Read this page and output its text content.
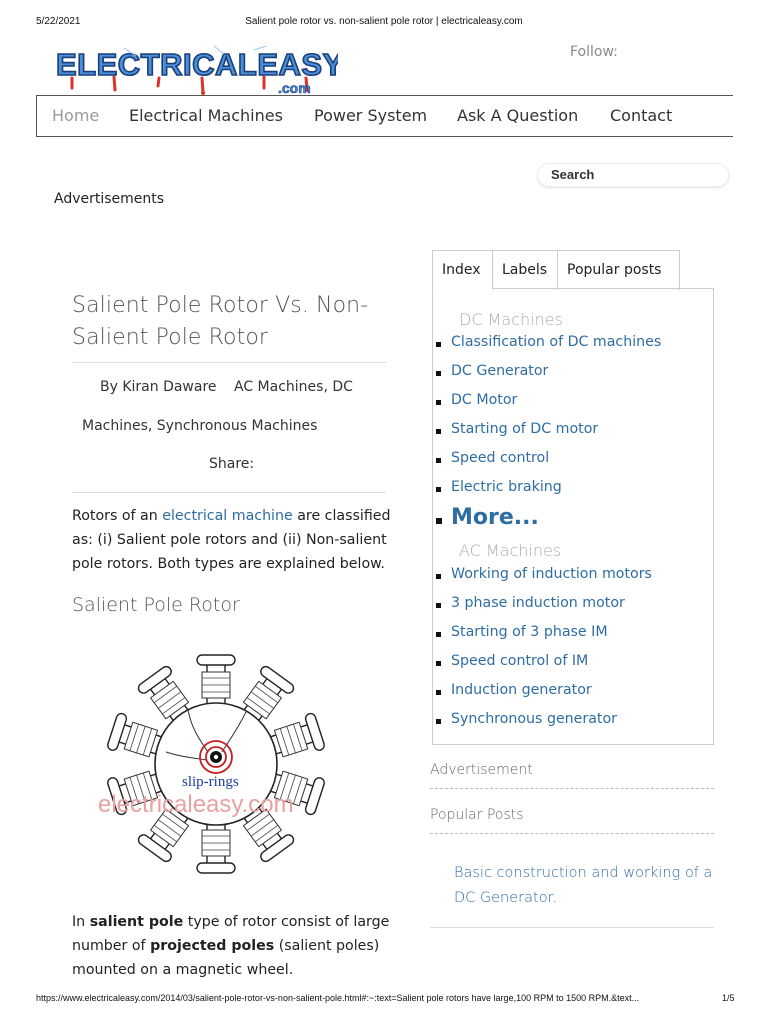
5/22/2021	Salient pole rotor vs. non-salient pole rotor | electricaleasy.com
ELECTRICALEASY
.com
Follow:
Home Electrical Machines Power System Ask A Question Contact
Search
Advertisements
Salient Pole Rotor Vs. Non-Salient Pole Rotor
By Kiran Daware AC Machines, DC
Machines, Synchronous Machines
Share:

Rotors of an electrical machine are classified as: (i) Salient pole rotors and (ii) Non-salient pole rotors. Both types are explained below.

Salient Pole Rotor
slip-rings
electricaleasy.com

In salient pole type of rotor consist of large number of projected poles (salient poles) mounted on a magnetic wheel.

Index	Labels	Popular posts
DC Machines
Classification of DC machines
DC Generator
DC Motor
Starting of DC motor
Speed control
Electric braking
More...
AC Machines
Working of induction motors
3 phase induction motor
Starting of 3 phase IM
Speed control of IM
Induction generator
Synchronous generator
Advertisement
Popular Posts
Basic construction and working of a DC Generator.
https://www.electricaleasy.com/2014/03/salient-pole-rotor-vs-non-salient-pole.html#:~:text=Salient pole rotors have large,100 RPM to 1500 RPM.&text...	1/5
